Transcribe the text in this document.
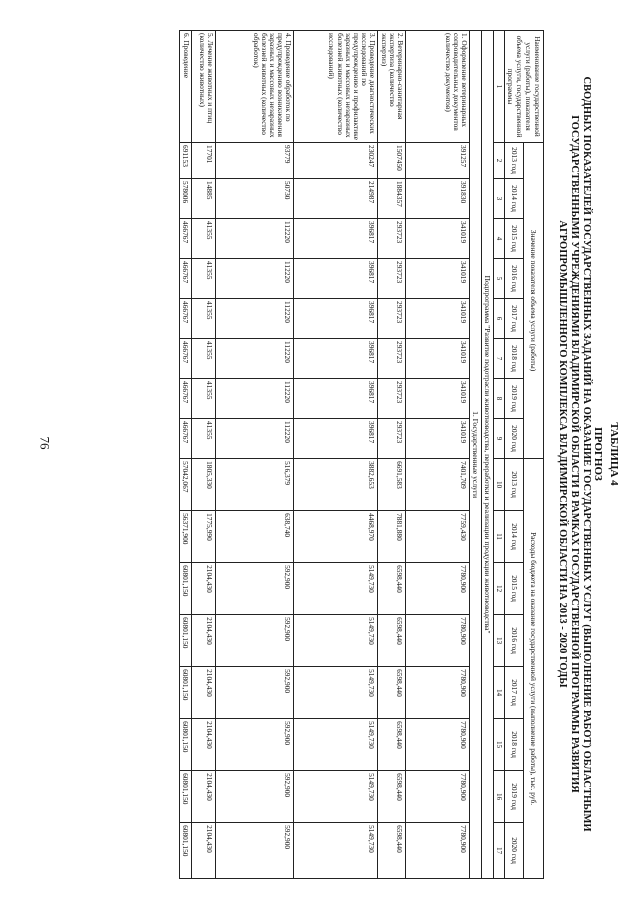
76	ТАБЛИЦА 4
ПРОГНОЗ
СВОДНЫХ ПОКАЗАТЕЛЕЙ ГОСУДАРСТВЕННЫХ ЗАДАНИЙ НА ОКАЗАНИЕ ГОСУДАРСТВЕННЫХ УСЛУГ (ВЫПОЛНЕНИЕ РАБОТ) ОБЛАСТНЫМИ
ГОСУДАРСТВЕННЫМИ УЧРЕЖДЕНИЯМИ ВЛАДИМИРСКОЙ ОБЛАСТИ В РАМКАХ ГОСУДАРСТВЕННОЙ ПРОГРАММЫ РАЗВИТИЯ
АГРОПРОМЫШЛЕННОГО КОМПЛЕКСА ВЛАДИМИРСКОЙ ОБЛАСТИ НА 2013 - 2020 ГОДЫ
Наименование государственной услуги (работы), показателя объема услуги, государственной программы	Значение показателя объема услуги (работы)								Расходы бюджета на оказание государственной услуги (выполнение работы), тыс. руб.							
	2013 год	2014 год	2015 год	2016 год	2017 год	2018 год	2019 год	2020 год	2013 год	2014 год	2015 год	2016 год	2017 год	2018 год	2019 год	2020 год
1	2	3	4	5	6	7	8	9	10	11	12	13	14	15	16	17
Подпрограмма "Развитие подотрасли животноводства, переработки и реализации продукции животноводства"																
1. Государственные услуги																
1. Оформление ветеринарных сопроводительных документов (количество документов)	391257	391830	341019	341019	341019	341019	341019	341019	7401,709	7759,430	7780,900	7780,900	7780,900	7780,900	7780,900	7780,900
2. Ветеринарно-санитарная экспертиза (количество экспертиз)	1507450	1884357	293723	293723	293723	293723	293723	293723	6691,583	7881,880	6598,440	6598,440	6598,440	6598,440	6598,440	6598,440
3. Проведение диагностических исследований по предупреждению и профилактике заразных и массовых незаразных болезней животных (количество исследований)	230247	214987	396817	396817	396817	396817	396817	396817	3882,653	4468,970	5149,730	5149,730	5149,730	5149,730	5149,730	5149,730
4. Проведение обработок по предупреждению возникновения заразных и массовых незаразных болезней животных (количество обработок)	93779	50730	112220	112220	112220	112220	112220	112220	516,379	638,740	592,900	592,900	592,900	592,900	592,900	592,900
5. Лечение животных и птиц (количество животных)	17701	14885	41355	41355	41355	41355	41355	41355	1805,330	1775,990	2104,430	2104,430	2104,430	2104,430	2104,430	2104,430
6. Проведение	691153	578006	466767	466767	466767	466767	466767	466767	57042,067	56371,900	60801,150	60801,150	60801,150	60801,150	60801,150	60801,150
